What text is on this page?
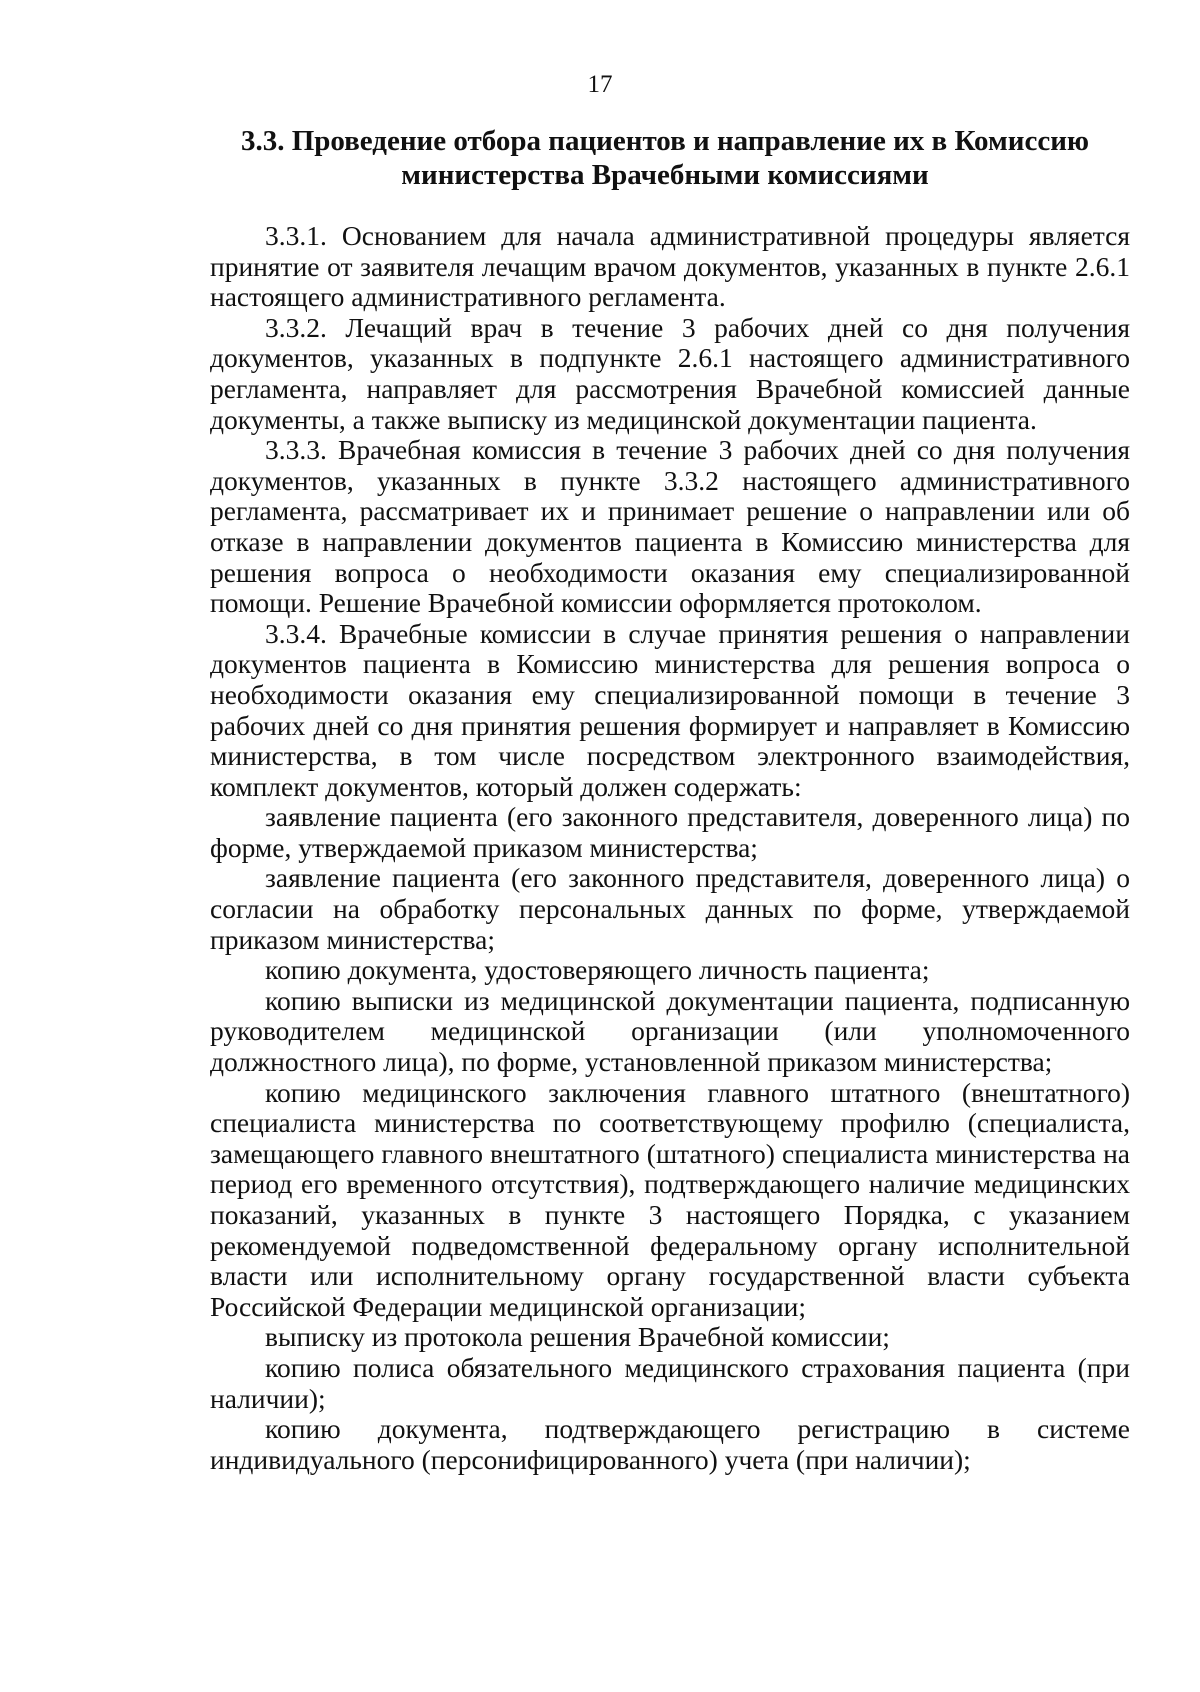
17
3.3. Проведение отбора пациентов и направление их в Комиссию
министерства Врачебными комиссиями

3.3.1. Основанием для начала административной процедуры является принятие от заявителя лечащим врачом документов, указанных в пункте 2.6.1 настоящего административного регламента.

3.3.2. Лечащий врач в течение 3 рабочих дней со дня получения документов, указанных в подпункте 2.6.1 настоящего административного регламента, направляет для рассмотрения Врачебной комиссией данные документы, а также выписку из медицинской документации пациента.

3.3.3. Врачебная комиссия в течение 3 рабочих дней со дня получения документов, указанных в пункте 3.3.2 настоящего административного регламента, рассматривает их и принимает решение о направлении или об отказе в направлении документов пациента в Комиссию министерства для решения вопроса о необходимости оказания ему специализированной помощи. Решение Врачебной комиссии оформляется протоколом.

3.3.4. Врачебные комиссии в случае принятия решения о направлении документов пациента в Комиссию министерства для решения вопроса о необходимости оказания ему специализированной помощи в течение 3 рабочих дней со дня принятия решения формирует и направляет в Комиссию министерства, в том числе посредством электронного взаимодействия, комплект документов, который должен содержать:

заявление пациента (его законного представителя, доверенного лица) по форме, утверждаемой приказом министерства;

заявление пациента (его законного представителя, доверенного лица) о согласии на обработку персональных данных по форме, утверждаемой приказом министерства;

копию документа, удостоверяющего личность пациента;

копию выписки из медицинской документации пациента, подписанную руководителем медицинской организации (или уполномоченного должностного лица), по форме, установленной приказом министерства;

копию медицинского заключения главного штатного (внештатного) специалиста министерства по соответствующему профилю (специалиста, замещающего главного внештатного (штатного) специалиста министерства на период его временного отсутствия), подтверждающего наличие медицинских показаний, указанных в пункте 3 настоящего Порядка, с указанием рекомендуемой подведомственной федеральному органу исполнительной власти или исполнительному органу государственной власти субъекта Российской Федерации медицинской организации;

выписку из протокола решения Врачебной комиссии;

копию полиса обязательного медицинского страхования пациента (при наличии);

копию документа, подтверждающего регистрацию в системе индивидуального (персонифицированного) учета (при наличии);
